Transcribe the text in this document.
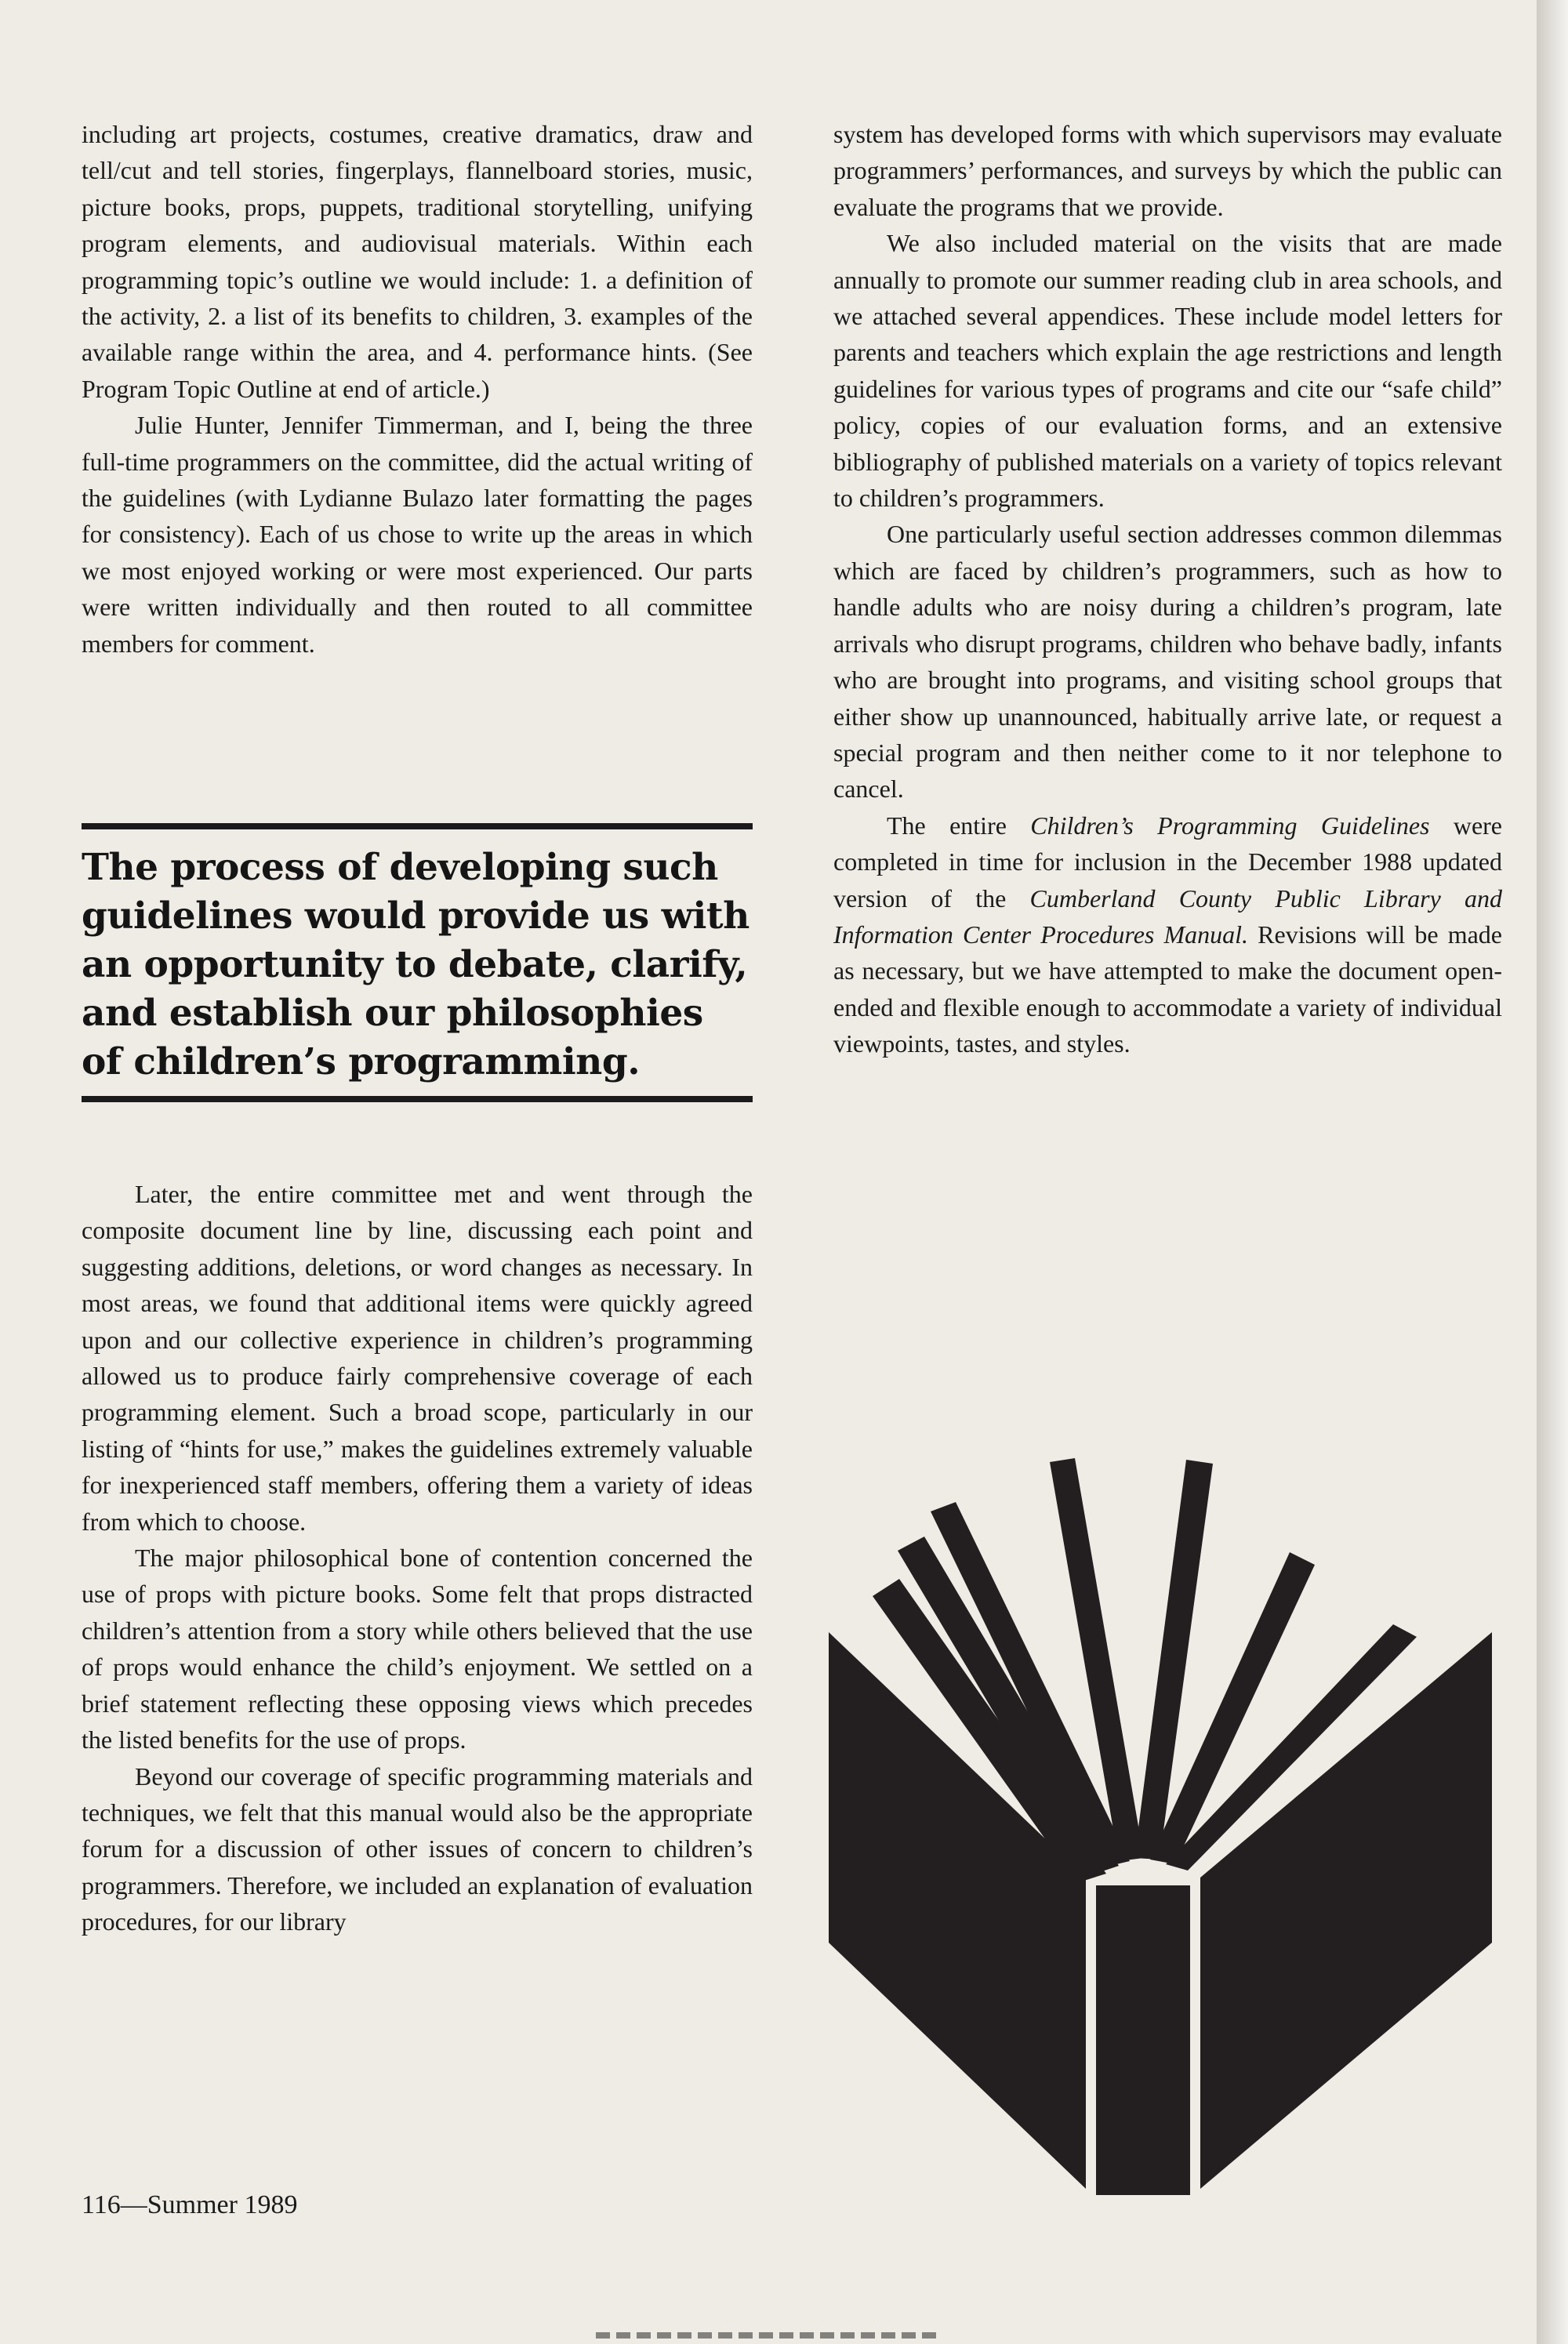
including art projects, costumes, creative dramatics, draw and tell/cut and tell stories, fingerplays, flannelboard stories, music, picture books, props, puppets, traditional storytelling, unifying program elements, and audiovisual materials. Within each programming topic’s outline we would include: 1. a definition of the activity, 2. a list of its benefits to children, 3. examples of the available range within the area, and 4. performance hints. (See Program Topic Outline at end of article.)

Julie Hunter, Jennifer Timmerman, and I, being the three full-time programmers on the committee, did the actual writing of the guidelines (with Lydianne Bulazo later formatting the pages for consistency). Each of us chose to write up the areas in which we most enjoyed working or were most experienced. Our parts were written individually and then routed to all committee members for comment.

The process of developing such guidelines would provide us with an opportunity to debate, clarify, and establish our philosophies of children’s programming.

Later, the entire committee met and went through the composite document line by line, discussing each point and suggesting additions, deletions, or word changes as necessary. In most areas, we found that additional items were quickly agreed upon and our collective experience in children’s programming allowed us to produce fairly comprehensive coverage of each programming element. Such a broad scope, particularly in our listing of “hints for use,” makes the guidelines extremely valuable for inexperienced staff members, offering them a variety of ideas from which to choose.

The major philosophical bone of contention concerned the use of props with picture books. Some felt that props distracted children’s attention from a story while others believed that the use of props would enhance the child’s enjoyment. We settled on a brief statement reflecting these opposing views which precedes the listed benefits for the use of props.

Beyond our coverage of specific programming materials and techniques, we felt that this manual would also be the appropriate forum for a discussion of other issues of concern to children’s programmers. Therefore, we included an explanation of evaluation procedures, for our library

system has developed forms with which supervisors may evaluate programmers’ performances, and surveys by which the public can evaluate the programs that we provide.

We also included material on the visits that are made annually to promote our summer reading club in area schools, and we attached several appendices. These include model letters for parents and teachers which explain the age restrictions and length guidelines for various types of programs and cite our “safe child” policy, copies of our evaluation forms, and an extensive bibliography of published materials on a variety of topics relevant to children’s programmers.

One particularly useful section addresses common dilemmas which are faced by children’s programmers, such as how to handle adults who are noisy during a children’s program, late arrivals who disrupt programs, children who behave badly, infants who are brought into programs, and visiting school groups that either show up unannounced, habitually arrive late, or request a special program and then neither come to it nor telephone to cancel.

The entire Children’s Programming Guidelines were completed in time for inclusion in the December 1988 updated version of the Cumberland County Public Library and Information Center Procedures Manual. Revisions will be made as necessary, but we have attempted to make the document open-ended and flexible enough to accommodate a variety of individual viewpoints, tastes, and styles.

116—Summer 1989
